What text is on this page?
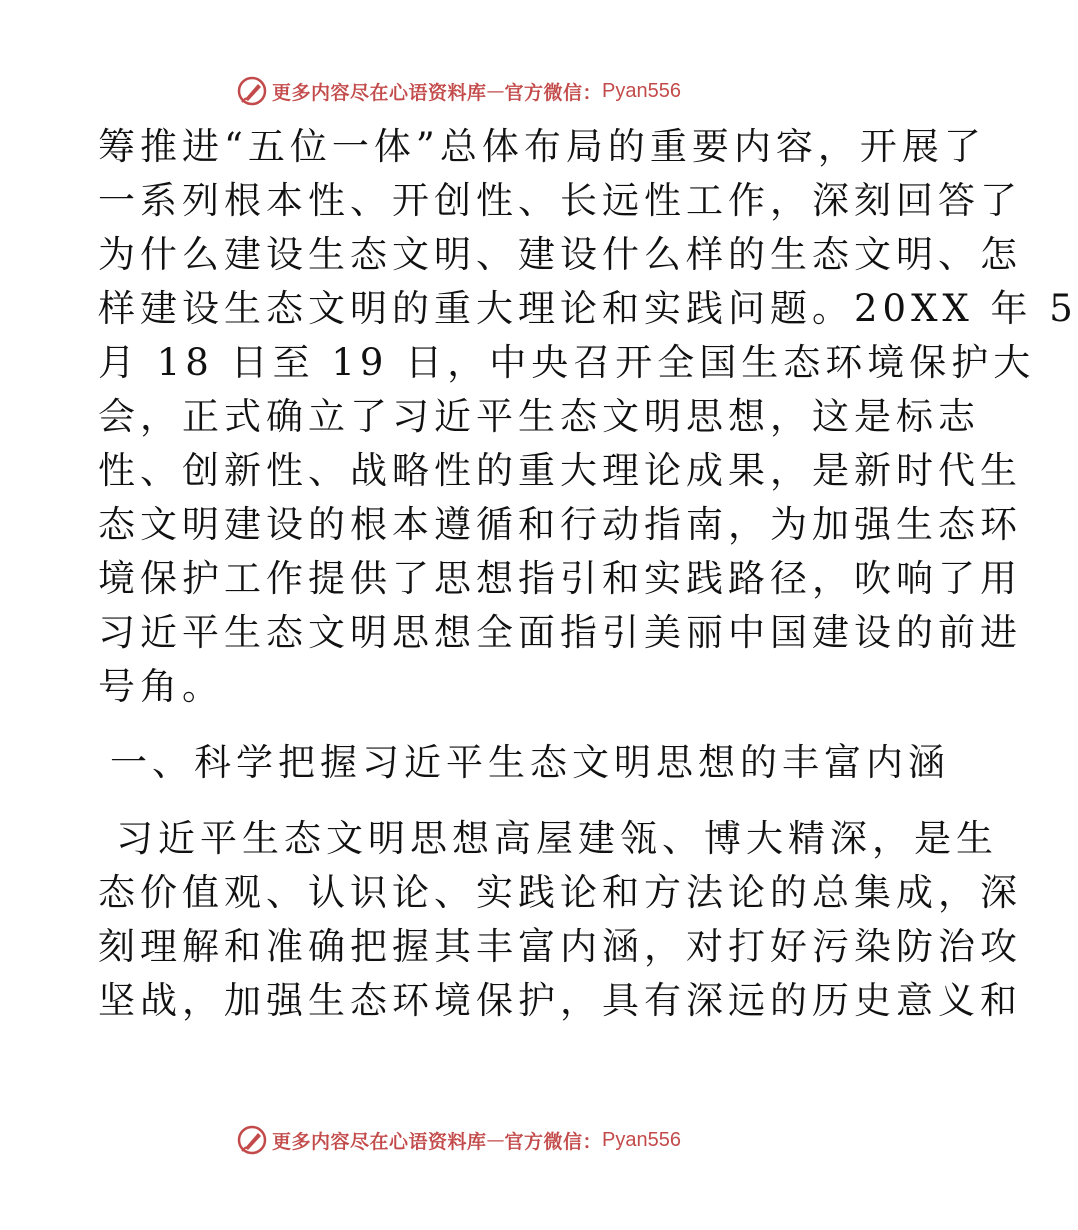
更多内容尽在心语资料库 — 官方微信： Pyan556
筹推进“五位一体”总体布局的重要内容，开展了
一系列根本性、开创性、长远性工作，深刻回答了
为什么建设生态文明、建设什么样的生态文明、怎
样建设生态文明的重大理论和实践问题。20XX 年 5
月 18 日至 19 日，中央召开全国生态环境保护大
会，正式确立了习近平生态文明思想，这是标志
性、创新性、战略性的重大理论成果，是新时代生
态文明建设的根本遵循和行动指南，为加强生态环
境保护工作提供了思想指引和实践路径，吹响了用
习近平生态文明思想全面指引美丽中国建设的前进
号角。
一、科学把握习近平生态文明思想的丰富内涵
习近平生态文明思想高屋建瓴、博大精深，是生
态价值观、认识论、实践论和方法论的总集成，深
刻理解和准确把握其丰富内涵，对打好污染防治攻
坚战，加强生态环境保护，具有深远的历史意义和
更多内容尽在心语资料库 — 官方微信： Pyan556
